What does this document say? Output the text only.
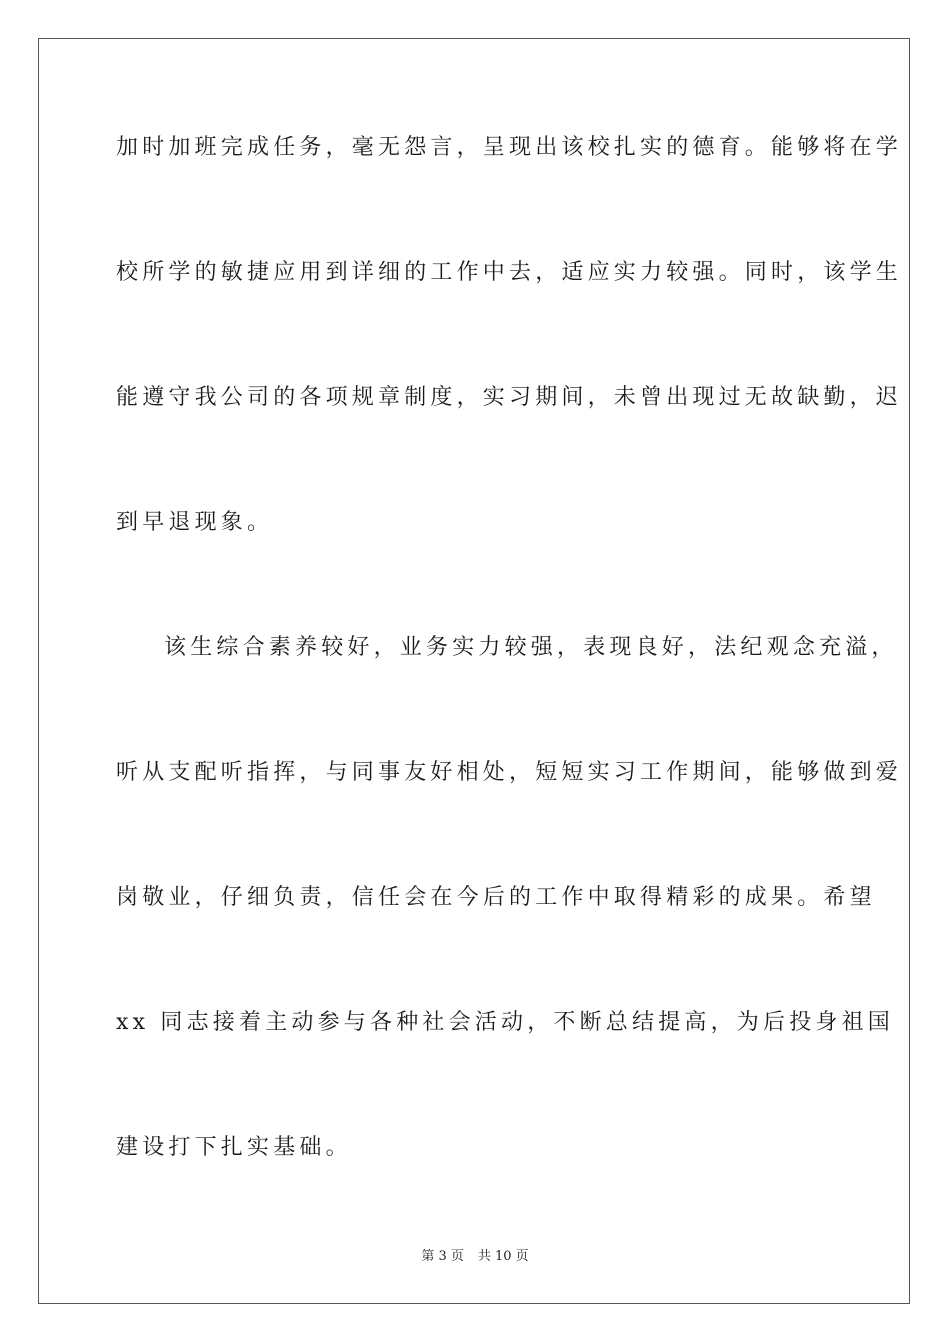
加时加班完成任务，毫无怨言，呈现出该校扎实的德育。能够将在学
校所学的敏捷应用到详细的工作中去，适应实力较强。同时，该学生
能遵守我公司的各项规章制度，实习期间，未曾出现过无故缺勤，迟
到早退现象。
该生综合素养较好，业务实力较强，表现良好，法纪观念充溢，
听从支配听指挥，与同事友好相处，短短实习工作期间，能够做到爱
岗敬业，仔细负责，信任会在今后的工作中取得精彩的成果。希望
xx 同志接着主动参与各种社会活动，不断总结提高，为后投身祖国
建设打下扎实基础。
第 3 页 共 10 页
